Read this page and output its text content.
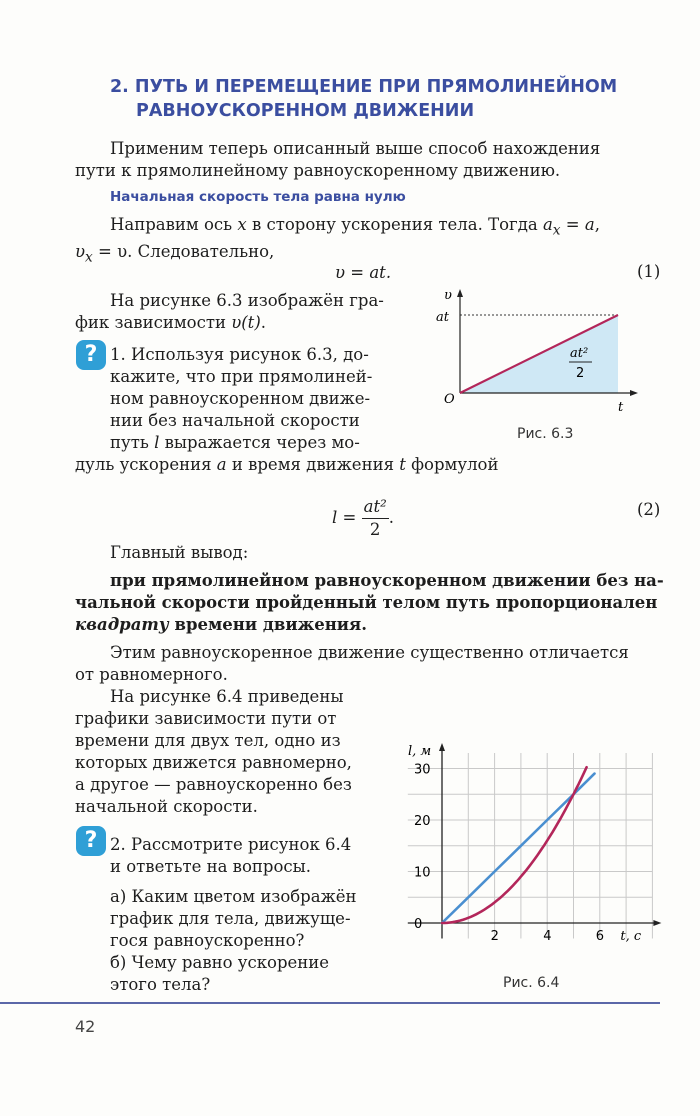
2. ПУТЬ И ПЕРЕМЕЩЕНИЕ ПРИ ПРЯМОЛИНЕЙНОМ
РАВНОУСКОРЕННОМ ДВИЖЕНИИ
Применим теперь описанный выше способ нахождения
пути к прямолинейному равноускоренному движению.
Начальная скорость тела равна нулю
Направим ось x в сторону ускорения тела. Тогда $a_x = a$,
$\upsilon_x = \upsilon$. Следовательно,
υ = at.	(1)
На рисунке 6.3 изображён гра-
фик зависимости υ(t).
? 1. Используя рисунок 6.3, до-
кажите, что при прямолиней-
ном равноускоренном движе-
нии без начальной скорости
путь l выражается через мо-
дуль ускорения a и время движения t формулой
υ
at
O
t
at²
2
Рис. 6.3
$l = \frac{\text{at²}}{2}$ .	(2)
Главный вывод:
при прямолинейном равноускоренном движении без на-
чальной скорости пройденный телом путь пропорционален
квадрату времени движения.
Этим равноускоренное движение существенно отличается
от равномерного.
На рисунке 6.4 приведены
графики зависимости пути от
времени для двух тел, одно из
которых движется равномерно,
а другое — равноускоренно без
начальной скорости.
? 2. Рассмотрите рисунок 6.4
и ответьте на вопросы.
а) Каким цветом изображён
график для тела, движуще-
гося равноускоренно?
б) Чему равно ускорение
этого тела?
2	4	6
0
10
20
30
l, м
t, с
Рис. 6.4
42
